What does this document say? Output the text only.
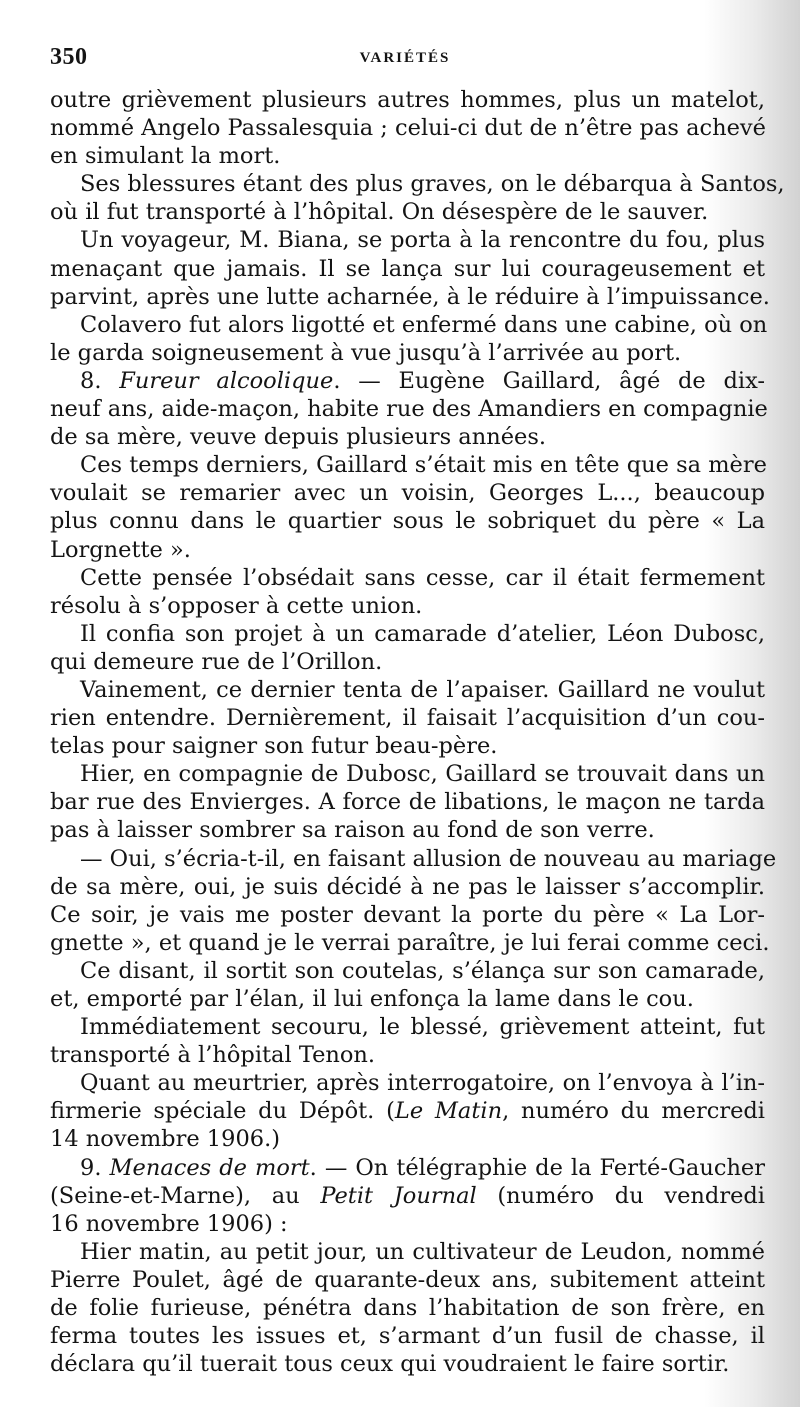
350	VARIÉTÉS
outre grièvement plusieurs autres hommes, plus un matelot,
nommé Angelo Passalesquia ; celui-ci dut de n’être pas achevé
en simulant la mort.
Ses blessures étant des plus graves, on le débarqua à Santos,
où il fut transporté à l’hôpital. On désespère de le sauver.
Un voyageur, M. Biana, se porta à la rencontre du fou, plus
menaçant que jamais. Il se lança sur lui courageusement et
parvint, après une lutte acharnée, à le réduire à l’impuissance.
Colavero fut alors ligotté et enfermé dans une cabine, où on
le garda soigneusement à vue jusqu’à l’arrivée au port.
8. Fureur alcoolique. — Eugène Gaillard, âgé de dix-
neuf ans, aide-maçon, habite rue des Amandiers en compagnie
de sa mère, veuve depuis plusieurs années.
Ces temps derniers, Gaillard s’était mis en tête que sa mère
voulait se remarier avec un voisin, Georges L..., beaucoup
plus connu dans le quartier sous le sobriquet du père « La
Lorgnette ».
Cette pensée l’obsédait sans cesse, car il était fermement
résolu à s’opposer à cette union.
Il confia son projet à un camarade d’atelier, Léon Dubosc,
qui demeure rue de l’Orillon.
Vainement, ce dernier tenta de l’apaiser. Gaillard ne voulut
rien entendre. Dernièrement, il faisait l’acquisition d’un cou-
telas pour saigner son futur beau-père.
Hier, en compagnie de Dubosc, Gaillard se trouvait dans un
bar rue des Envierges. A force de libations, le maçon ne tarda
pas à laisser sombrer sa raison au fond de son verre.
— Oui, s’écria-t-il, en faisant allusion de nouveau au mariage
de sa mère, oui, je suis décidé à ne pas le laisser s’accomplir.
Ce soir, je vais me poster devant la porte du père « La Lor-
gnette », et quand je le verrai paraître, je lui ferai comme ceci.
Ce disant, il sortit son coutelas, s’élança sur son camarade,
et, emporté par l’élan, il lui enfonça la lame dans le cou.
Immédiatement secouru, le blessé, grièvement atteint, fut
transporté à l’hôpital Tenon.
Quant au meurtrier, après interrogatoire, on l’envoya à l’in-
firmerie spéciale du Dépôt. (Le Matin, numéro du mercredi
14 novembre 1906.)
9. Menaces de mort. — On télégraphie de la Ferté-Gaucher
(Seine-et-Marne), au Petit Journal (numéro du vendredi
16 novembre 1906) :
Hier matin, au petit jour, un cultivateur de Leudon, nommé
Pierre Poulet, âgé de quarante-deux ans, subitement atteint
de folie furieuse, pénétra dans l’habitation de son frère, en
ferma toutes les issues et, s’armant d’un fusil de chasse, il
déclara qu’il tuerait tous ceux qui voudraient le faire sortir.
